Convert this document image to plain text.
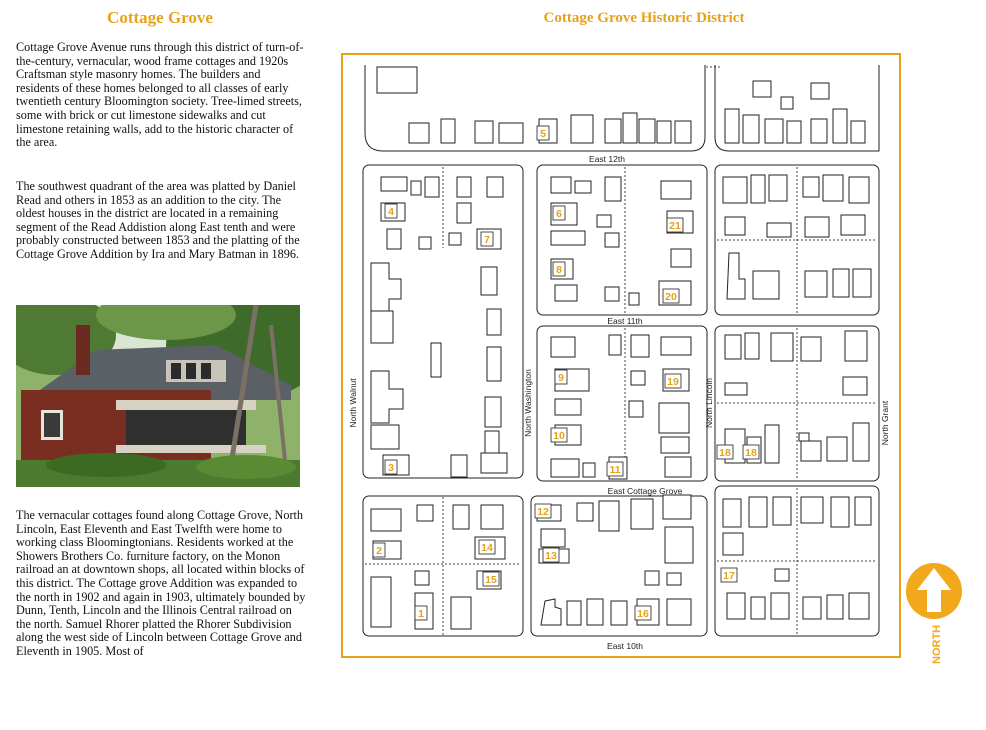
Cottage Grove

Cottage Grove Avenue runs through this district of turn-of-the-century, vernacular, wood frame cottages and 1920s Craftsman style masonry homes. The builders and residents of these homes belonged to all classes of early twentieth century Bloomington society. Tree-limed streets, some with brick or cut limestone sidewalks and cut limestone retaining walls, add to the historic character of the area.

The southwest quadrant of the area was platted by Daniel Read and others in 1853 as an addition to the city. The oldest houses in the district are located in a remaining segment of the Read Addistion along East tenth and were probably constructed between 1853 and the platting of the Cottage Grove Addition by Ira and Mary Batman in 1896.

The vernacular cottages found along Cottage Grove, North Lincoln, East Eleventh and East Twelfth were home to working class Bloomingtonians. Residents worked at the Showers Brothers Co. furniture factory, on the Monon railroad an at downtown shops, all located within blocks of this district. The Cottage grove Addition was expanded to the north in 1902 and again in 1903, ultimately bounded by Dunn, Tenth, Lincoln and the Illinois Central railroad on the north. Samuel Rhorer platted the Rhorer Subdivision along the west side of Lincoln between Cottage Grove and Eleventh in 1905. Most of

Cottage Grove Historic District
East 12th
East 11th
East Cottage Grove
East 10th
North Walnut	North Washington	North Lincoln	North Grant
1
2
3
4
5
6
7
8
9
10
11
12
13
14
15
16
17
18 18
19
20
21
NORTH
